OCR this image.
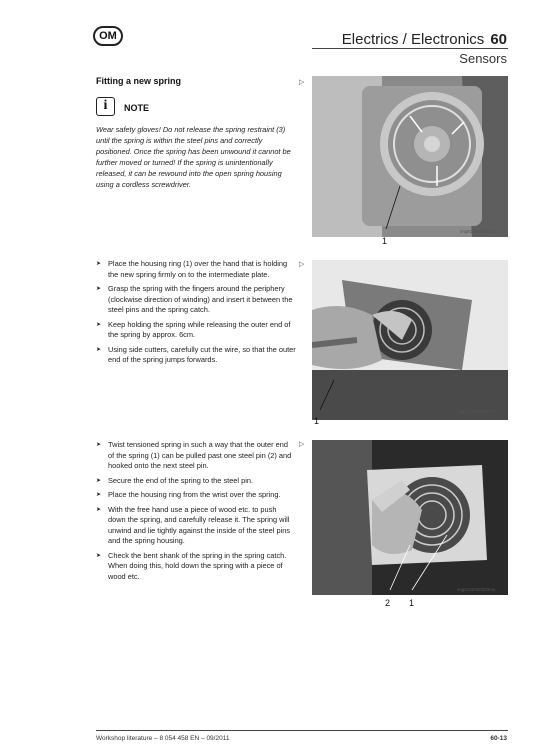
OM	Electrics / Electronics 60
Sensors
Fitting a new spring	▷
i	NOTE
Wear safety gloves! Do not release the spring restraint (3) until the spring is within the steel pins and correctly positioned. Once the spring has been unwound it cannot be further moved or turned! If the spring is unintentionally released, it can be rewound into the open spring housing using a cordless screwdriver.
img6120050021m1
1
➤ Place the housing ring (1) over the hand that is holding the new spring firmly on to the intermediate plate.
➤ Grasp the spring with the fingers around the periphery (clockwise direction of winding) and insert it between the steel pins and the spring catch.
➤ Keep holding the spring while releasing the outer end of the spring by approx. 6cm.
➤ Using side cutters, carefully cut the wire, so that the outer end of the spring jumps forwards.
▷
img6120050022m1
1
➤ Twist tensioned spring in such a way that the outer end of the spring (1) can be pulled past one steel pin (2) and hooked onto the next steel pin.
➤ Secure the end of the spring to the steel pin.
➤ Place the housing ring from the wrist over the spring.
➤ With the free hand use a piece of wood etc. to push down the spring, and carefully release it. The spring will unwind and lie tightly against the inside of the steel pins and the spring housing.
➤ Check the bent shank of the spring in the spring catch. When doing this, hold down the spring with a piece of wood etc.
▷
img6120050023m2
2 1
Workshop literature – 8 054 458 EN – 09/2011	60-13
